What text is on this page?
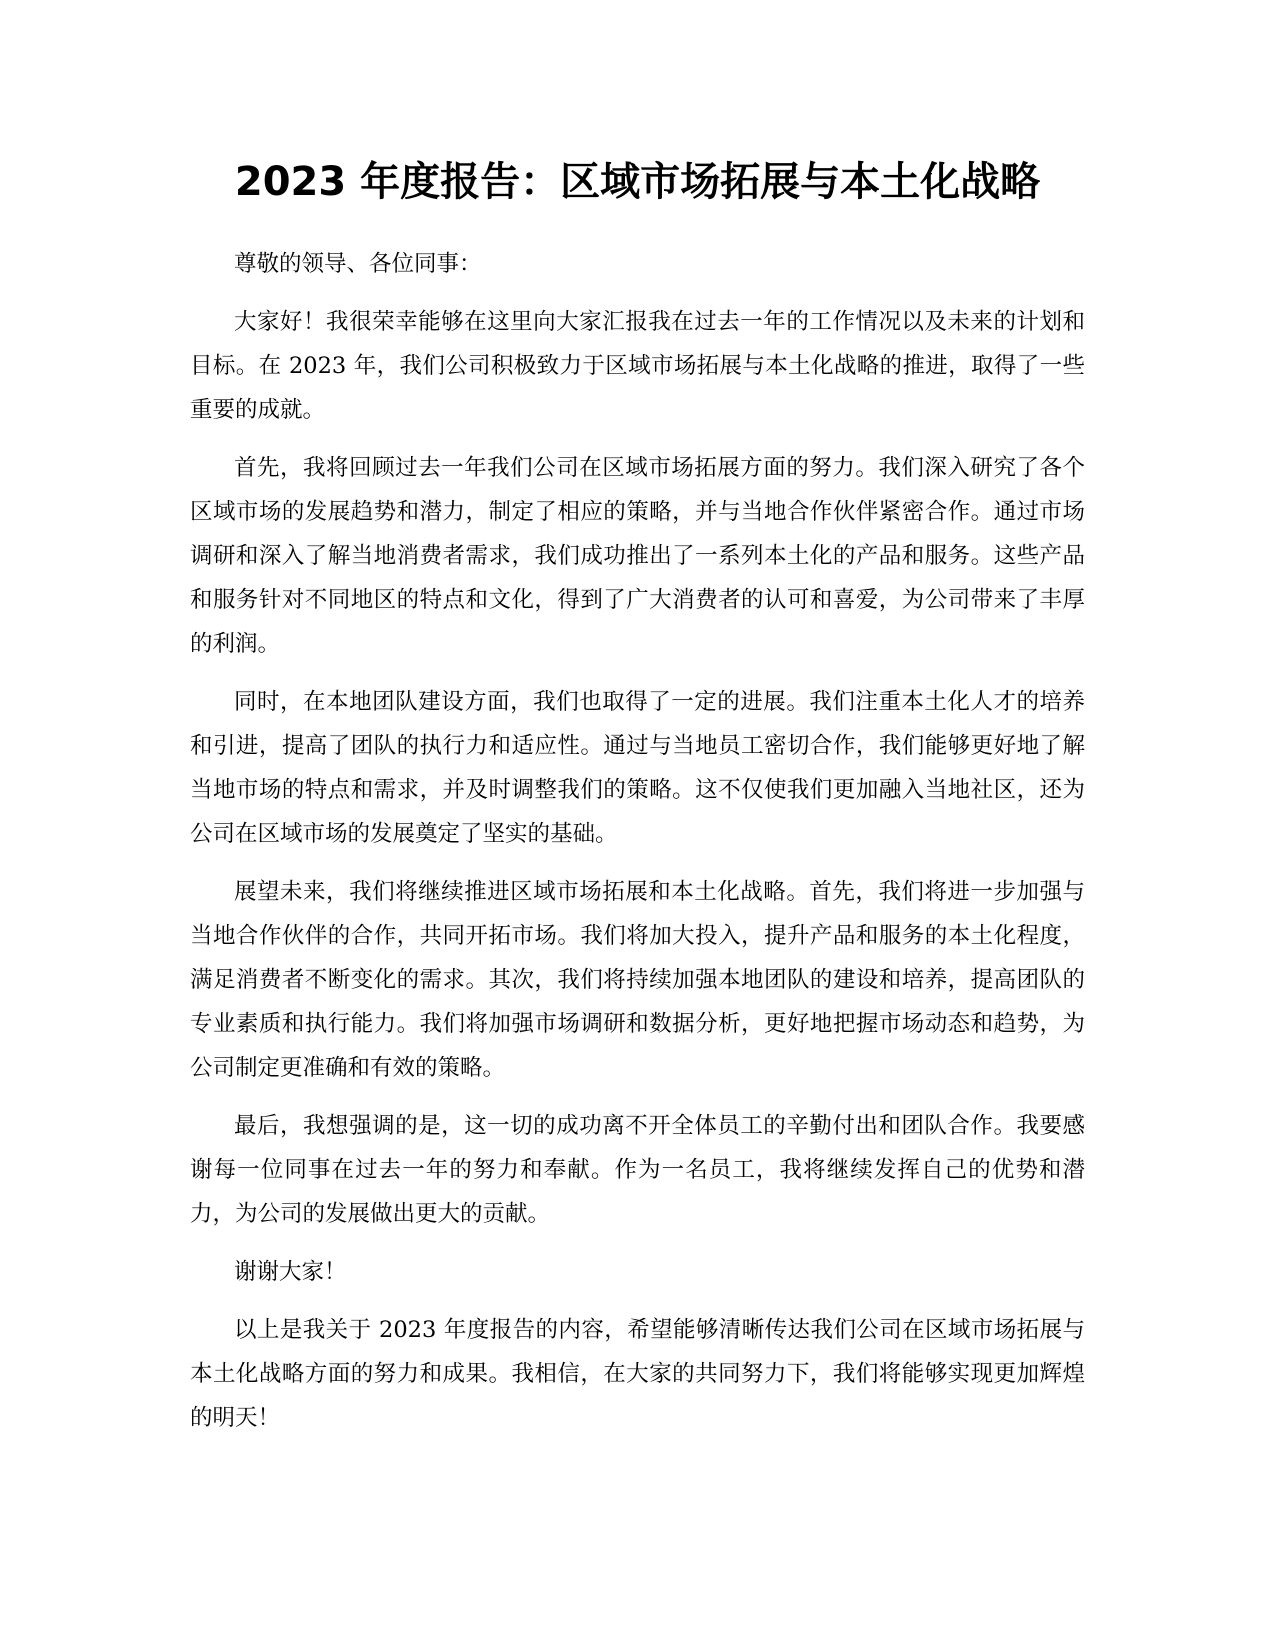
2023 年度报告：区域市场拓展与本土化战略

尊敬的领导、各位同事：

大家好！我很荣幸能够在这里向大家汇报我在过去一年的工作情况以及未来的计划和目标。在 2023 年，我们公司积极致力于区域市场拓展与本土化战略的推进，取得了一些重要的成就。

首先，我将回顾过去一年我们公司在区域市场拓展方面的努力。我们深入研究了各个区域市场的发展趋势和潜力，制定了相应的策略，并与当地合作伙伴紧密合作。通过市场调研和深入了解当地消费者需求，我们成功推出了一系列本土化的产品和服务。这些产品和服务针对不同地区的特点和文化，得到了广大消费者的认可和喜爱，为公司带来了丰厚的利润。

同时，在本地团队建设方面，我们也取得了一定的进展。我们注重本土化人才的培养和引进，提高了团队的执行力和适应性。通过与当地员工密切合作，我们能够更好地了解当地市场的特点和需求，并及时调整我们的策略。这不仅使我们更加融入当地社区，还为公司在区域市场的发展奠定了坚实的基础。

展望未来，我们将继续推进区域市场拓展和本土化战略。首先，我们将进一步加强与当地合作伙伴的合作，共同开拓市场。我们将加大投入，提升产品和服务的本土化程度，满足消费者不断变化的需求。其次，我们将持续加强本地团队的建设和培养，提高团队的专业素质和执行能力。我们将加强市场调研和数据分析，更好地把握市场动态和趋势，为公司制定更准确和有效的策略。

最后，我想强调的是，这一切的成功离不开全体员工的辛勤付出和团队合作。我要感谢每一位同事在过去一年的努力和奉献。作为一名员工，我将继续发挥自己的优势和潜力，为公司的发展做出更大的贡献。

谢谢大家！

以上是我关于 2023 年度报告的内容，希望能够清晰传达我们公司在区域市场拓展与本土化战略方面的努力和成果。我相信，在大家的共同努力下，我们将能够实现更加辉煌的明天！
